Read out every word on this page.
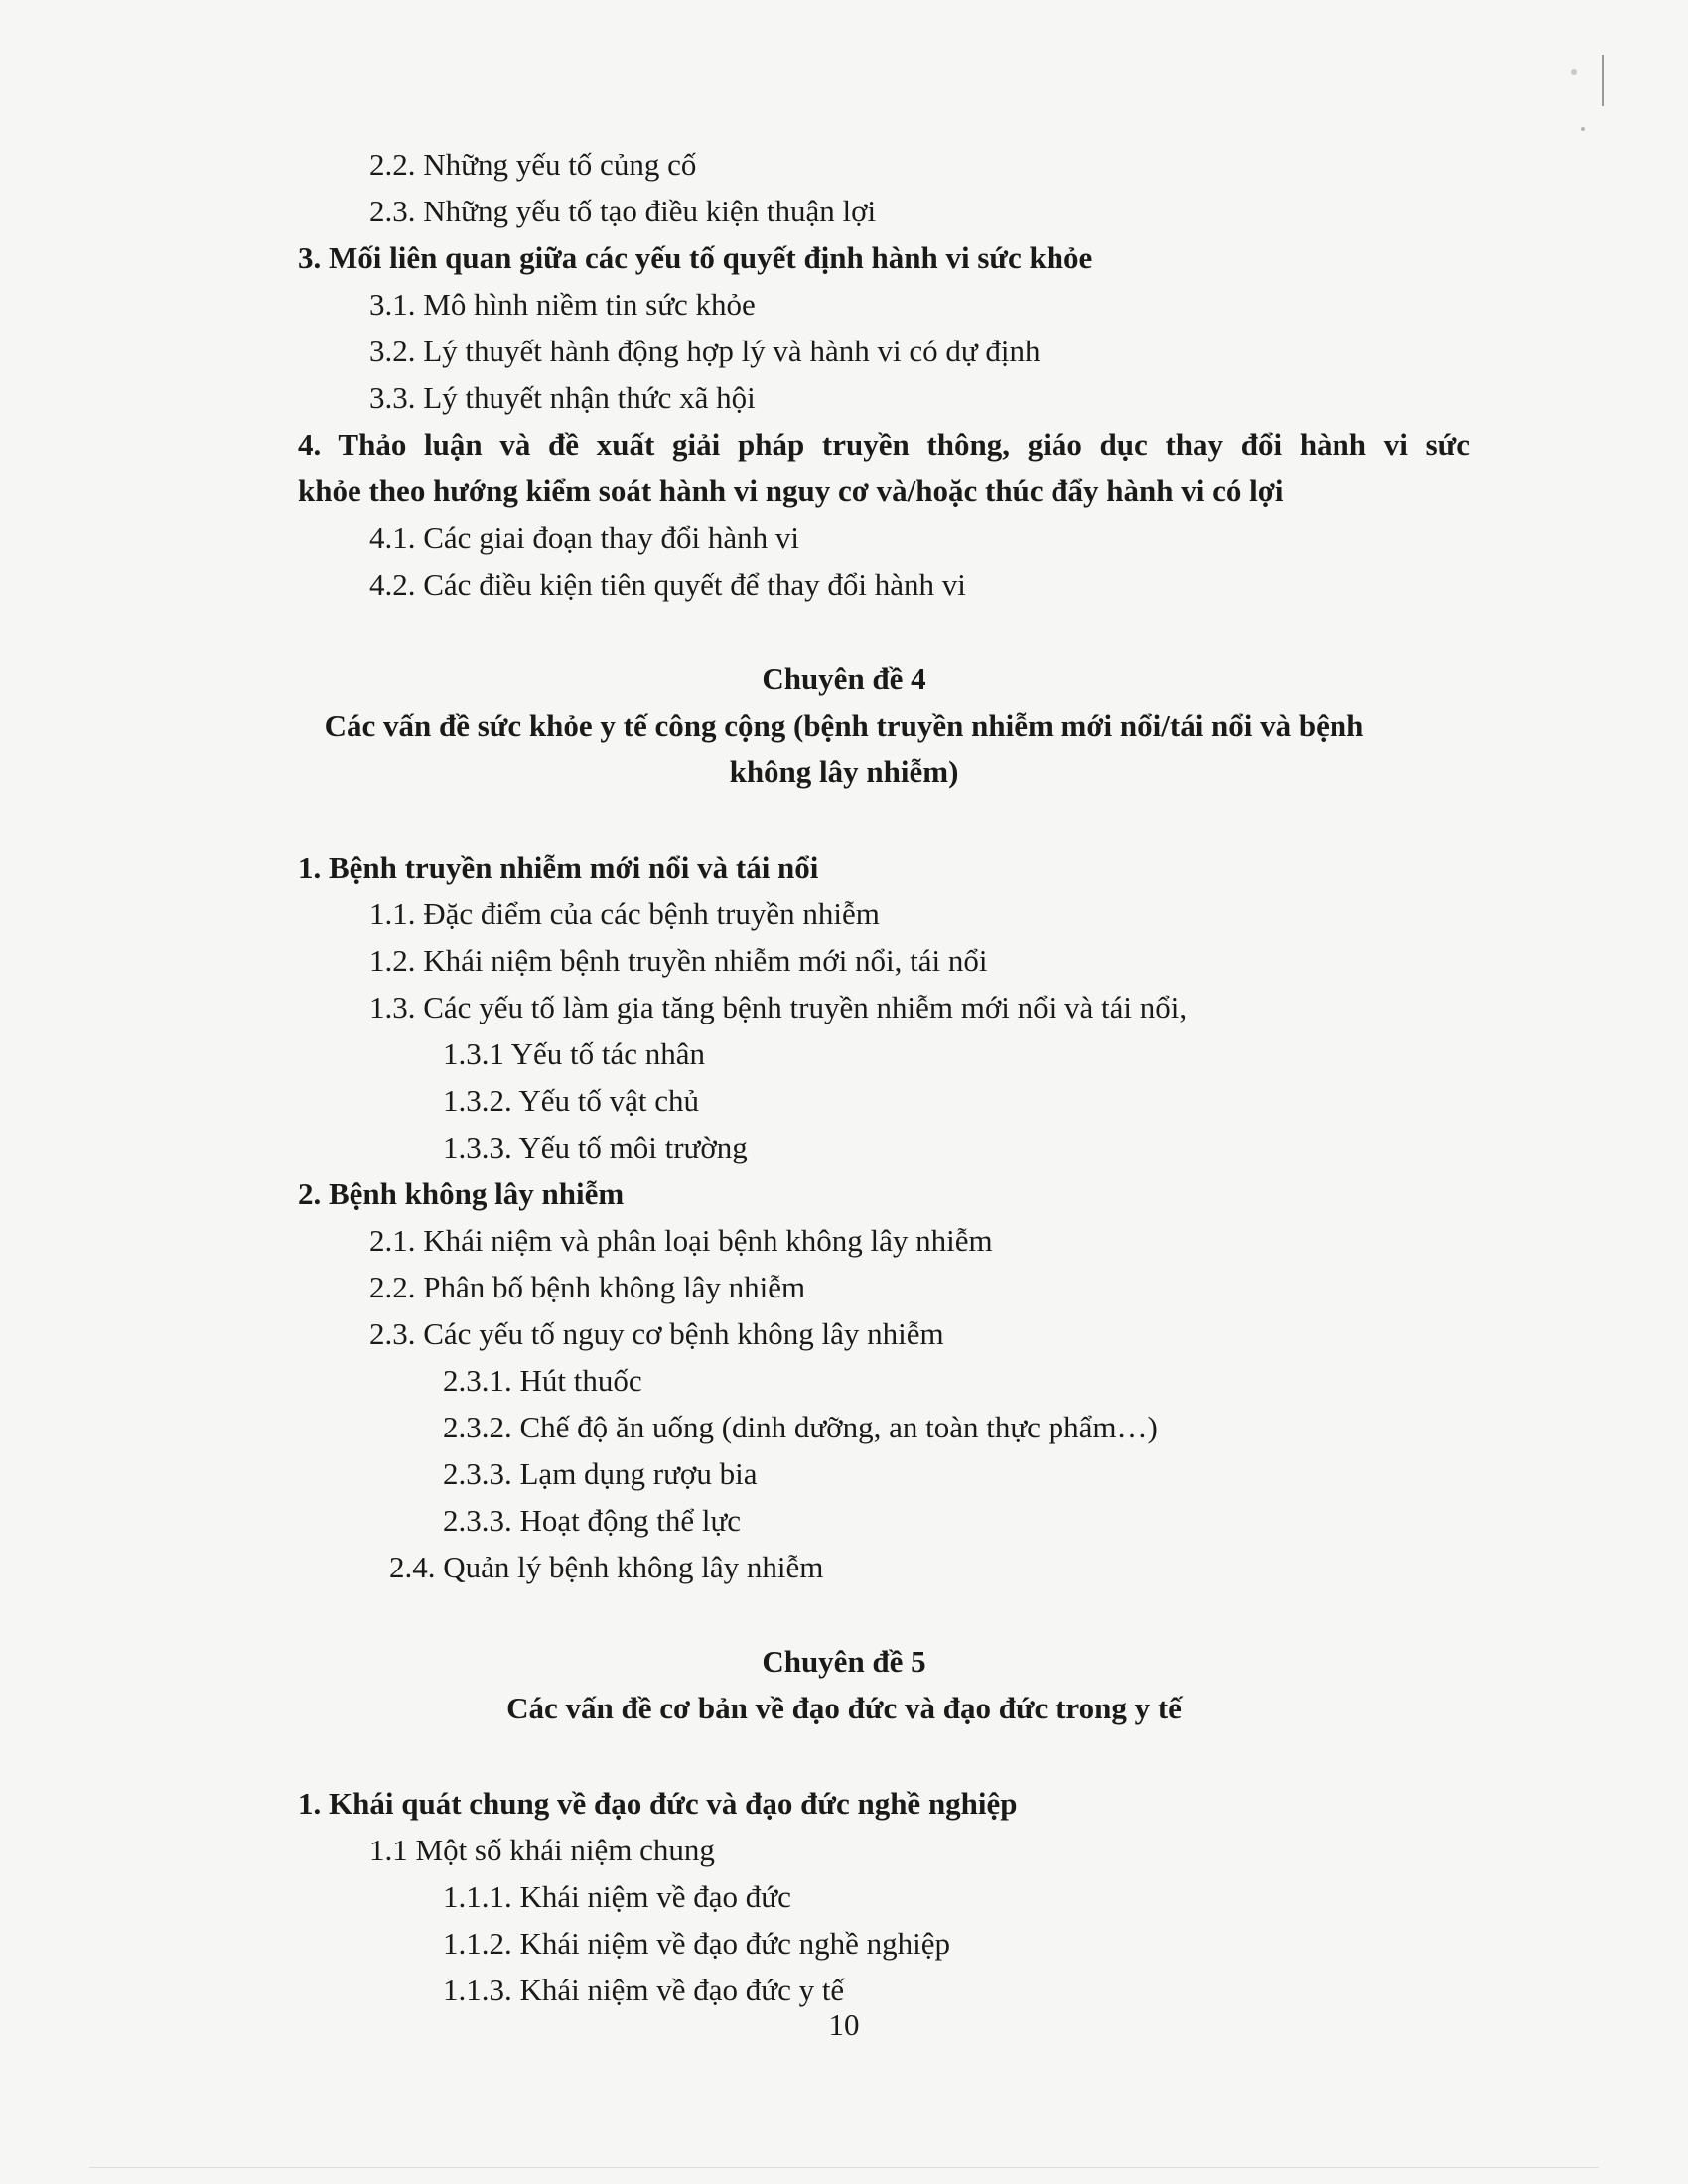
2.2. Những yếu tố củng cố
2.3. Những yếu tố tạo điều kiện thuận lợi
3. Mối liên quan giữa các yếu tố quyết định hành vi sức khỏe
3.1. Mô hình niềm tin sức khỏe
3.2. Lý thuyết hành động hợp lý và hành vi có dự định
3.3. Lý thuyết nhận thức xã hội
4. Thảo luận và đề xuất giải pháp truyền thông, giáo dục thay đổi hành vi sức
khỏe theo hướng kiểm soát hành vi nguy cơ và/hoặc thúc đẩy hành vi có lợi
4.1. Các giai đoạn thay đổi hành vi
4.2. Các điều kiện tiên quyết để thay đổi hành vi
Chuyên đề 4
Các vấn đề sức khỏe y tế công cộng (bệnh truyền nhiễm mới nổi/tái nổi và bệnh
không lây nhiễm)
1. Bệnh truyền nhiễm mới nổi và tái nổi
1.1. Đặc điểm của các bệnh truyền nhiễm
1.2. Khái niệm bệnh truyền nhiễm mới nổi, tái nổi
1.3. Các yếu tố làm gia tăng bệnh truyền nhiễm mới nổi và tái nổi,
1.3.1 Yếu tố tác nhân
1.3.2. Yếu tố vật chủ
1.3.3. Yếu tố môi trường
2. Bệnh không lây nhiễm
2.1. Khái niệm và phân loại bệnh không lây nhiễm
2.2. Phân bố bệnh không lây nhiễm
2.3. Các yếu tố nguy cơ bệnh không lây nhiễm
2.3.1. Hút thuốc
2.3.2. Chế độ ăn uống (dinh dưỡng, an toàn thực phẩm…)
2.3.3. Lạm dụng rượu bia
2.3.3. Hoạt động thể lực
2.4. Quản lý bệnh không lây nhiễm
Chuyên đề 5
Các vấn đề cơ bản về đạo đức và đạo đức trong y tế
1. Khái quát chung về đạo đức và đạo đức nghề nghiệp
1.1 Một số khái niệm chung
1.1.1. Khái niệm về đạo đức
1.1.2. Khái niệm về đạo đức nghề nghiệp
1.1.3. Khái niệm về đạo đức y tế
10
